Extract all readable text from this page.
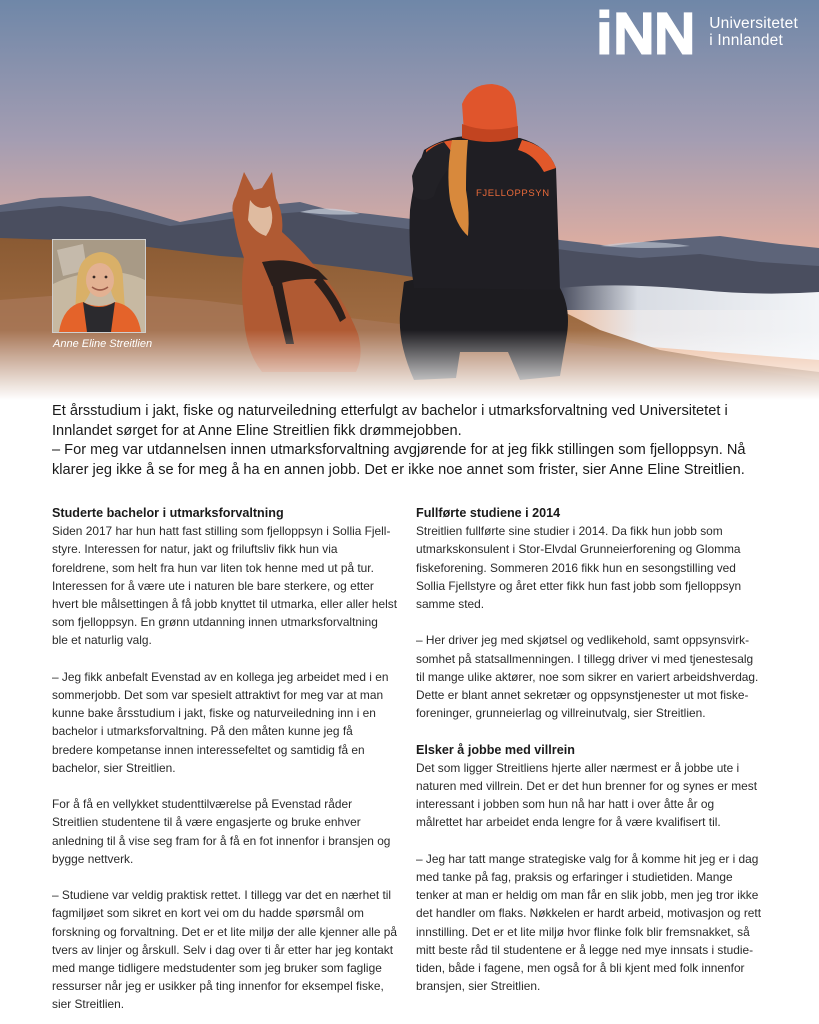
FJELLOPPSYN
Universitetet
i Innlandet
Anne Eline Streitlien

Et årsstudium i jakt, fiske og naturveiledning etterfulgt av bachelor i utmarksforvaltning ved Universitetet i Innlandet sørget for at Anne Eline Streitlien fikk drømmejobben.

– For meg var utdannelsen innen utmarksforvaltning avgjørende for at jeg fikk stillingen som fjelloppsyn. Nå klarer jeg ikke å se for meg å ha en annen jobb. Det er ikke noe annet som frister, sier Anne Eline Streitlien.

Studerte bachelor i utmarksforvaltning

Siden 2017 har hun hatt fast stilling som fjelloppsyn i Sollia Fjellstyre. Interessen for natur, jakt og friluftsliv fikk hun via foreldrene, som helt fra hun var liten tok henne med ut på tur. Interessen for å være ute i naturen ble bare sterkere, og etter hvert ble målsettingen å få jobb knyttet til utmarka, eller aller helst som fjelloppsyn. En grønn utdanning innen utmarksforvaltning ble et naturlig valg.

– Jeg fikk anbefalt Evenstad av en kollega jeg arbeidet med i en sommerjobb. Det som var spesielt attraktivt for meg var at man kunne bake årsstudium i jakt, fiske og naturveiledning inn i en bachelor i utmarksforvaltning. På den måten kunne jeg få bredere kompetanse innen interessefeltet og samtidig få en bachelor, sier Streitlien.

For å få en vellykket studenttilværelse på Evenstad råder Streitlien studentene til å være engasjerte og bruke enhver anledning til å vise seg fram for å få en fot innenfor i bransjen og bygge nettverk.

– Studiene var veldig praktisk rettet. I tillegg var det en nærhet til fagmiljøet som sikret en kort vei om du hadde spørsmål om forskning og forvaltning. Det er et lite miljø der alle kjenner alle på tvers av linjer og årskull. Selv i dag over ti år etter har jeg kontakt med mange tidligere medstudenter som jeg bruker som faglige ressurser når jeg er usikker på ting innenfor for eksempel fiske, sier Streitlien.

Fullførte studiene i 2014

Streitlien fullførte sine studier i 2014. Da fikk hun jobb som utmarkskonsulent i Stor-Elvdal Grunneierforening og Glomma fiskeforening. Sommeren 2016 fikk hun en sesongstilling ved Sollia Fjellstyre og året etter fikk hun fast jobb som fjelloppsyn samme sted.

– Her driver jeg med skjøtsel og vedlikehold, samt oppsynsvirksomhet på statsallmenningen. I tillegg driver vi med tjenestesalg til mange ulike aktører, noe som sikrer en variert arbeidshverdag. Dette er blant annet sekretær og oppsynstjenester ut mot fiskeforeninger, grunneierlag og villreinutvalg, sier Streitlien.

Elsker å jobbe med villrein

Det som ligger Streitliens hjerte aller nærmest er å jobbe ute i naturen med villrein. Det er det hun brenner for og synes er mest interessant i jobben som hun nå har hatt i over åtte år og målrettet har arbeidet enda lengre for å være kvalifisert til.

– Jeg har tatt mange strategiske valg for å komme hit jeg er i dag med tanke på fag, praksis og erfaringer i studietiden. Mange tenker at man er heldig om man får en slik jobb, men jeg tror ikke det handler om flaks. Nøkkelen er hardt arbeid, motivasjon og rett innstilling. Det er et lite miljø hvor flinke folk blir fremsnakket, så mitt beste råd til studentene er å legge ned mye innsats i studietiden, både i fagene, men også for å bli kjent med folk innenfor bransjen, sier Streitlien.
